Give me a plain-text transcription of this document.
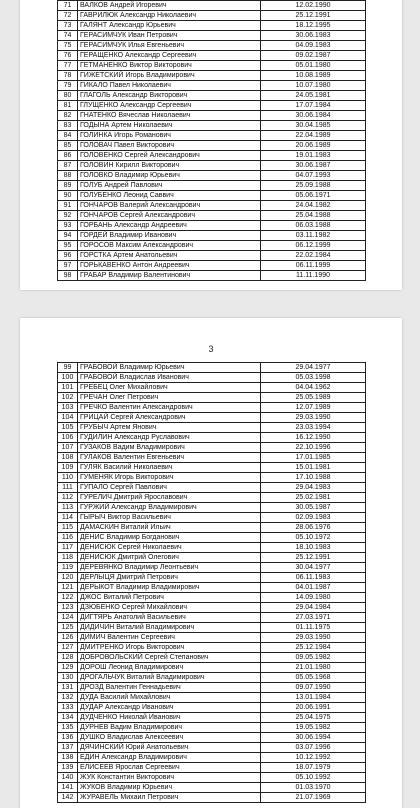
71	ВАЛКОВ Андрей Игоревич	12.02.1990
72	ГАВРИЛЮК Александр Николаевич	25.12.1991
73	ГАЛЯНТ Александр Юрьевич	18.12.1995
74	ГЕРАСИМЧУК Иван Петрович	30.06.1983
75	ГЕРАСИМЧУК Илья Евгеньевич	04.09.1983
76	ГЕРАЩЕНКО Александр Сергеевич	09.02.1987
77	ГЕТМАНЕНКО Виктор Викторович	05.01.1980
78	ГИЖЕТСКИЙ Игорь Владимирович	10.08.1989
79	ГИКАЛО Павел Николаевич	10.07.1980
80	ГЛАГОЛЬ Александр Викторович	24.05.1981
81	ГЛУЩЕНКО Александр Сергеевич	17.07.1984
82	ГНАТЕНКО Вячеслав Николаевич	30.06.1984
83	ГОДЫНА Артем Николаевич	30.04.1985
84	ГОЛИНКА Игорь Романович	22.04.1989
85	ГОЛОВАЧ Павел Викторович	20.06.1989
86	ГОЛОВЕНКО Сергей Александрович	19.01.1983
87	ГОЛОВИН Кирилл Викторович	30.06.1987
88	ГОЛОВКО Владимир Юрьевич	04.07.1993
89	ГОЛУБ Андрей Павлович	25.09.1988
90	ГОЛУБЕНКО Леонид Саввич	05.06.1971
91	ГОНЧАРОВ Валерий Александрович	24.04.1982
92	ГОНЧАРОВ Сергей Александрович	25.04.1988
93	ГОРБАНЬ Александр Андреевич	06.03.1988
94	ГОРДЕЙ Владимир Иванович	03.11.1982
95	ГОРОСОВ Максим Александрович	06.12.1999
96	ГОРСТКА Артем Анатольевич	22.02.1984
97	ГОРЬКАВЕНКО Антон Андреевич	06.11.1999
98	ГРАБАР Владимир Валентинович	11.11.1990
3
99	ГРАБОВОЙ Владимир Юрьевич	29.04.1977
100	ГРАБОВОЙ Владислав Иванович	05.03.1998
101	ГРЕБЕЦ Олег Михайлович	04.04.1962
102	ГРЕЧАН Олег Петрович	25.05.1989
103	ГРЕЧКО Валентин Александрович	12.07.1989
104	ГРИЦАЙ Сергей Александрович	29.03.1990
105	ГРУБЫЧ Артем Янович	23.03.1994
106	ГУДИЛИН Александр Руславович	16.12.1990
107	ГУЗАКОВ Вадим Владимирович	22.10.1996
108	ГУЛАКОВ Валентин Евгеньевич	17.01.1985
109	ГУЛЯК Василий Николаевич	15.01.1981
110	ГУМЕНЯК Игорь Викторович	17.10.1988
111	ГУПАЛО Сергей Павлович	29.04.1983
112	ГУРЕЛИЧ Дмитрий Ярославович	25.02.1981
113	ГУРЖИЙ Александр Владимирович	30.05.1987
114	ГЫРЫЧ Виктор Васильевич	02.09.1983
115	ДАМАСКИН Виталий Ильич	28.06.1976
116	ДЕНИС Владимир Богданович	05.10.1972
117	ДЕНИСЮК Сергей Николаевич	18.10.1983
118	ДЕНИСЮК Дмитрий Олегович	25.12.1991
119	ДЕРЕВЯНКО Владимир Леонтьевич	30.04.1977
120	ДЕРЛЫЦЯ Дмитрий Петрович	06.11.1983
121	ДЕРЫКОТ Владимир Владимирович	04.01.1987
122	ДЖОС Виталий Петрович	14.09.1980
123	ДЗЮБЕНКО Сергей Михайлович	29.04.1984
124	ДИГТЯРЬ Анатолий Васильевич	27.03.1971
125	ДИДИЧИН Виталий Владимирович	01.11.1975
126	ДИМИЧ Валентин Сергеевич	29.03.1990
127	ДМИТРЕНКО Игорь Викторович	25.12.1984
128	ДОБРОВОЛЬСКИЙ Сергей Степанович	09.05.1982
129	ДОРОШ Леонид Владимирович	21.01.1980
130	ДРОГАЛЬЧУК Виталий Владимирович	05.05.1968
131	ДРОЗД Валентин Геннадьевич	09.07.1990
132	ДУДА Василий Михайлович	13.01.1984
133	ДУДАР Александр Иванович	20.06.1991
134	ДУДЧЕНКО Николай Иванович	25.04.1975
135	ДУРНЕВ Вадим Владимирович	19.05.1982
136	ДУШКО Владислав Алексеевич	30.06.1994
137	ДЯЧИНСКИЙ Юрий Анатольевич	03.07.1996
138	ЕДИН Александр Владимирович	10.12.1992
139	ЕЛИСЕЕВ Ярослав Сергеевич	18.07.1979
140	ЖУК Константин Викторович	05.10.1992
141	ЖУКОВ Владимир Юрьевич	01.03.1970
142	ЖУРАВЕЛЬ Михаил Петрович	21.07.1969
